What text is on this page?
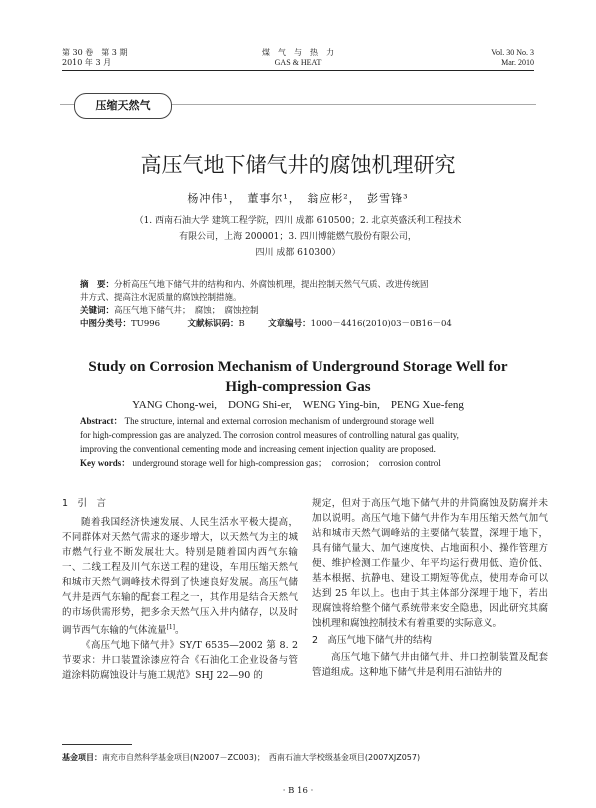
第 30 卷　第 3 期
2010 年 3 月
煤　气　与　热　力
GAS & HEAT
Vol. 30 No. 3
Mar. 2010
压缩天然气
高压气地下储气井的腐蚀机理研究
杨冲伟¹，　董事尔¹，　翁应彬²，　彭雪锋³
（1. 西南石油大学 建筑工程学院，四川 成都 610500；2. 北京英盛沃利工程技术
有限公司，上海 200001；3. 四川博能燃气股份有限公司，
四川 成都 610300）
摘　要：分析高压气地下储气井的结构和内、外腐蚀机理，提出控制天然气气质、改进传统固
井方式、提高注水泥质量的腐蚀控制措施。
关键词：高压气地下储气井；　腐蚀；　腐蚀控制
中图分类号：TU996	文献标识码：B	文章编号：1000－4416(2010)03－0B16－04
Study on Corrosion Mechanism of Underground Storage Well for
High-compression Gas
YANG Chong-wei,　DONG Shi-er,　WENG Ying-bin,　PENG Xue-feng
Abstract： The structure, internal and external corrosion mechanism of underground storage well
for high-compression gas are analyzed. The corrosion control measures of controlling natural gas quality,
improving the conventional cementing mode and increasing cement injection quality are proposed.
Key words： underground storage well for high-compression gas；　corrosion；　corrosion control

1　引　言

随着我国经济快速发展、人民生活水平极大提高，不同群体对天然气需求的逐步增大，以天然气为主的城市燃气行业不断发展壮大。特别是随着国内西气东输一、二线工程及川气东送工程的建设，车用压缩天然气和城市天然气调峰技术得到了快速良好发展。高压气储气井是西气东输的配套工程之一，其作用是结合天然气的市场供需形势，把多余天然气压入井内储存，以及时调节西气东输的气体流量[1]。

《高压气地下储气井》SY/T 6535—2002 第 8. 2 节要求：井口装置涂漆应符合《石油化工企业设备与管道涂料防腐蚀设计与施工规范》SHJ 22—90 的

规定，但对于高压气地下储气井的井筒腐蚀及防腐并未加以说明。高压气地下储气井作为车用压缩天然气加气站和城市天然气调峰站的主要储气装置，深埋于地下，具有储气量大、加气速度快、占地面积小、操作管理方便、维护检测工作量少、年平均运行费用低、造价低、基本根据、抗静电、建设工期短等优点，使用寿命可以达到 25 年以上。也由于其主体部分深埋于地下，若出现腐蚀将给整个储气系统带来安全隐患，因此研究其腐蚀机理和腐蚀控制技术有着重要的实际意义。

2　高压气地下储气井的结构

高压气地下储气井由储气井、井口控制装置及配套管道组成。这种地下储气井是利用石油钻井的

基金项目：南充市自然科学基金项目(N2007－ZC003)；　西南石油大学校级基金项目(2007XJZ057)
· B 16 ·
